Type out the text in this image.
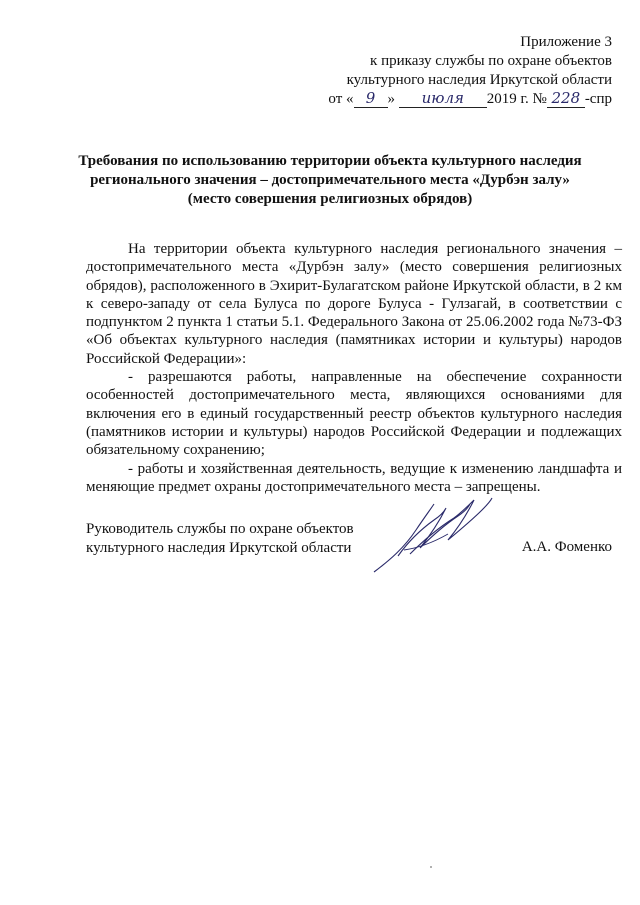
Приложение 3
к приказу службы по охране объектов
культурного наследия Иркутской области
от « 9 » июля 2019 г. № 228 -спр
Требования по использованию территории объекта культурного наследия
регионального значения – достопримечательного места «Дурбэн залу»
(место совершения религиозных обрядов)

На территории объекта культурного наследия регионального значения – достопримечательного места «Дурбэн залу» (место совершения религиозных обрядов), расположенного в Эхирит-Булагатском районе Иркутской области, в 2 км к северо-западу от села Булуса по дороге Булуса - Гулзагай, в соответствии с подпунктом 2 пункта 1 статьи 5.1. Федерального Закона от 25.06.2002 года №73-ФЗ «Об объектах культурного наследия (памятниках истории и культуры) народов Российской Федерации»:

- разрешаются работы, направленные на обеспечение сохранности особенностей достопримечательного места, являющихся основаниями для включения его в единый государственный реестр объектов культурного наследия (памятников истории и культуры) народов Российской Федерации и подлежащих обязательному сохранению;

- работы и хозяйственная деятельность, ведущие к изменению ландшафта и меняющие предмет охраны достопримечательного места – запрещены.

Руководитель службы по охране объектов
культурного наследия Иркутской области	А.А. Фоменко
